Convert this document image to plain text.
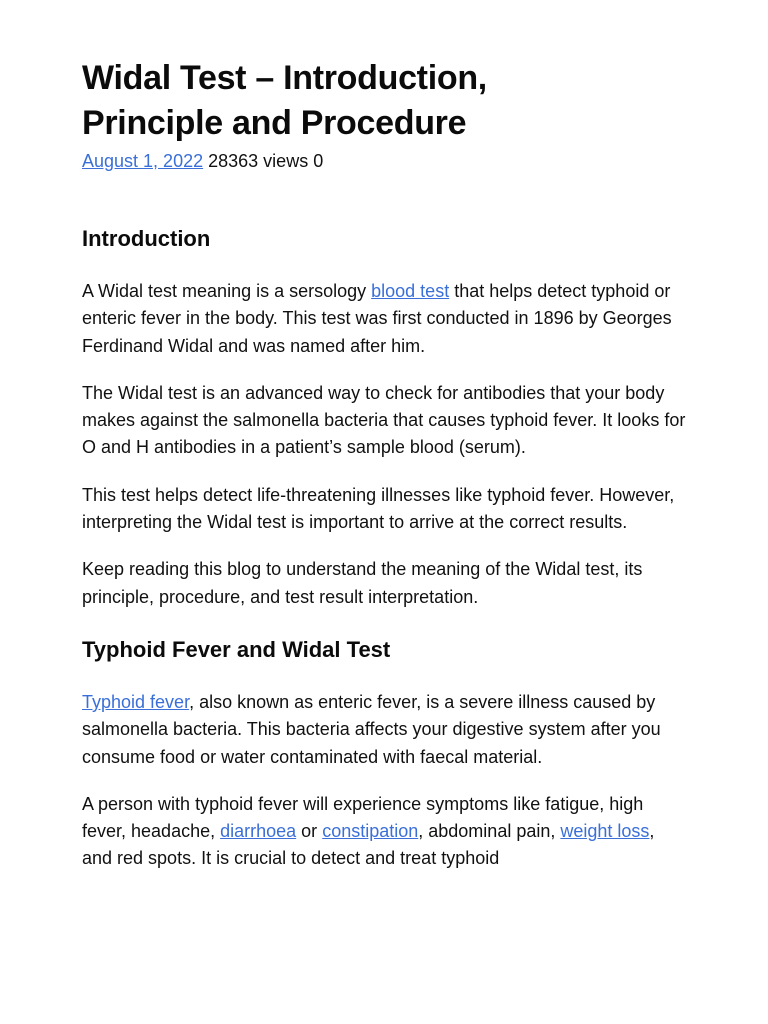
Widal Test – Introduction,
Principle and Procedure
August 1, 2022 28363 views 0
Introduction

A Widal test meaning is a sersology blood test that helps detect typhoid or enteric fever in the body. This test was first conducted in 1896 by Georges Ferdinand Widal and was named after him.

The Widal test is an advanced way to check for antibodies that your body makes against the salmonella bacteria that causes typhoid fever. It looks for O and H antibodies in a patient’s sample blood (serum).

This test helps detect life-threatening illnesses like typhoid fever. However, interpreting the Widal test is important to arrive at the correct results.

Keep reading this blog to understand the meaning of the Widal test, its principle, procedure, and test result interpretation.

Typhoid Fever and Widal Test

Typhoid fever, also known as enteric fever, is a severe illness caused by salmonella bacteria. This bacteria affects your digestive system after you consume food or water contaminated with faecal material.

A person with typhoid fever will experience symptoms like fatigue, high fever, headache, diarrhoea or constipation, abdominal pain, weight loss, and red spots. It is crucial to detect and treat typhoid
